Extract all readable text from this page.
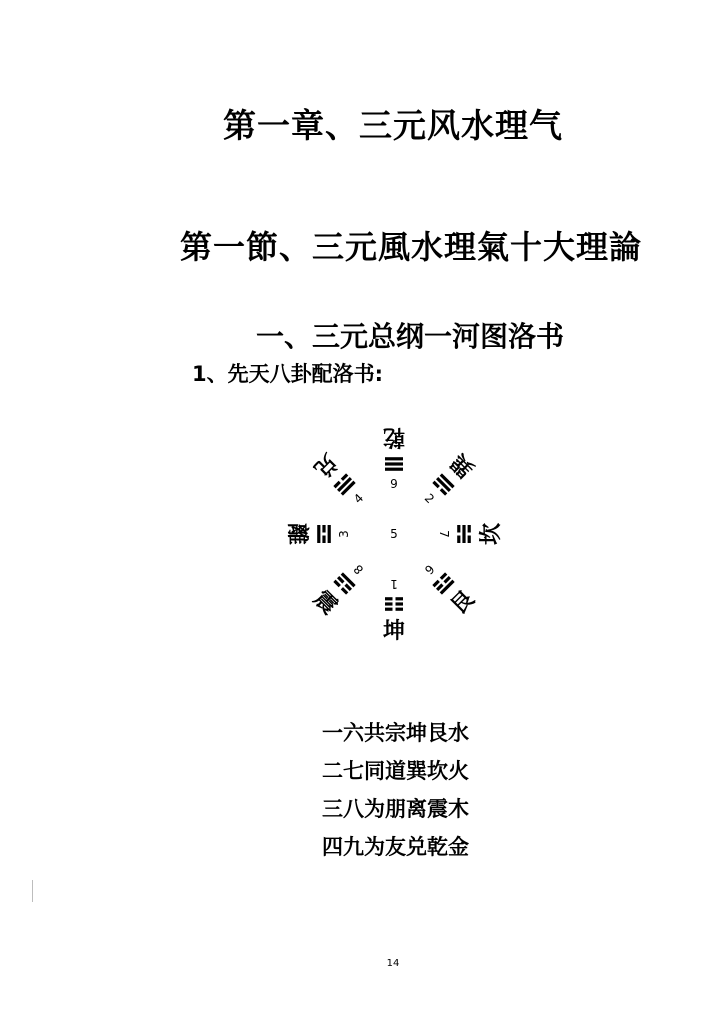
第一章、三元风水理气
第一節、三元風水理氣十大理論
一、三元总纲一河图洛书
1、先天八卦配洛书:
5
9
乾
2
巽
7 坎
6
艮
1
坤
8
震
3
離
4
兑
一六共宗坤艮水
二七同道巽坎火
三八为朋离震木
四九为友兑乾金
14
